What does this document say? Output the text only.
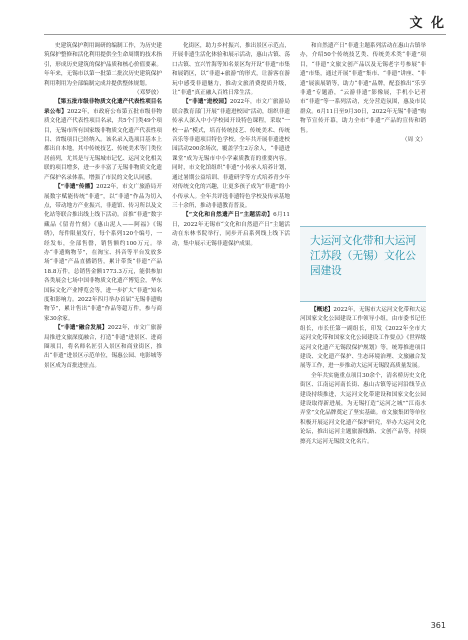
文 化

史建筑保护利用调研的编制工作，为历史建筑保护整修和活化利用提供全生命周期的技术指引，形成历史建筑的保护品质和核心价值要素。年年来，无锡市以第一批第二批次历史建筑保护利用利用为全部编制完成并提供整体规划。

（邓梦放）

【第五批市级非物质文化遗产代表性项目名录公布】2022年，市政府公布第五批市级非物质文化遗产代表性项目名录，共5个门类49个项目，无锡市所有国家级非物质文化遗产代表性项目、省级项目已经纳入。该名录入选项目基本上都出自本地，其中传统技艺、传统美术等门类位居前列，尤其是与无锡城市记忆、运河文化相关联的项目增多，进一步丰富了无锡非物质文化遗产保护名录体系，增强了市民的文化认同感。

【“非遗”传播】2022年，市文广旅游局开展数字赋能传统“非遗”，以“非遗”作品为切入点，带动地方产业振兴，非遗馆、传习所以及文化站等联合推出线上线下活动。首推“非遗”数字藏品《留青竹刻》《惠山泥人——阿福》《锡绣》，每件限量发行，每个系列120个编号，一经发布，全部售罄，销售额约100万元。举办“非遗购物节”，在淘宝、抖音等平台发放多场“非遗”产品直播销售，累计带货“非遗”产品18.8万件，总销售金额1773.3万元，能供参加各类展会七场中国非物质文化遗产博览会，华东国际文化产业博览会等，进一步扩大“非遗”知名度和影响力。2022年四月举办首届“无锡非遗购物节”，累计售出“非遗”作品等超万件，参与商家30余家。

【“非遗”融合发展】2022年，市文广旅游局推进文旅深度融合，打造“非遗”进景区、进商圈项目，将名师名匠引入景区和商业街区，推出“非遗”进景区示范单位，锡惠公园、电影城等景区成为首批进驻点。

化街区，助力乡村振兴，推出景区示范点，开展非遗生活化体验和展示活动，惠山古镇、荡口古镇、宜兴竹海等知名景区均开设“非遗”市集和展销区，以“非遗+旅游”的形式，让游客在游玩中感受非遗魅力，推动文旅消费提质升级，让“非遗”真正融入百姓日常生活。

【“非遗”进校园】2022年，市文广旅游局联合教育部门开展“非遗进校园”活动，组织非遗传承人深入中小学校园开设特色课程，采取“一校一品”模式，培育传统技艺、传统美术、传统音乐等非遗项目特色学校。全年共开展非遗进校园活动200余场次，覆盖学生2万余人，“非遗进课堂”成为无锡市中小学素质教育的重要内容。同时，市文化馆组织“非遗”小传承人培养计划，通过暑期公益培训、非遗研学等方式培养青少年对传统文化的兴趣，让更多孩子成为“非遗”的小小传承人。全年共评选非遗特色学校及传承基地三十余所，推动非遗教育普及。

【“文化和自然遗产日”主题活动】6月11日，2022年无锡市“文化和自然遗产日”主题活动在东林书院举行，同步开启系列线上线下活动，集中展示无锡非遗保护成果。

和自然遗产日”非遗主题系列活动在惠山古镇举办，介绍50个传统技艺类、传统美术类“非遗”项目，“非遗”文旅文创产品以及无锡老字号参展“非遗”市集，通过开展“非遗”集市、“非遗”讲座、“非遗”展演展销等，助力“非遗”品牌，配套推出“乐享非遗”专题游，“云游非遗”影像展，手机小记者市“非遗”等一系列活动，充分营造氛围，惠及市民群众。6月11日至9月30日，2022年无锡“非遗”购物节宣传开幕，助力全市“非遗”产品的宣传和销售。

（周 文）

大运河文化带和大运河江苏段（无锡）文化公园建设

【概述】2022年，无锡市大运河文化带和大运河国家文化公园建设工作领导小组，由市委书记任组长，市长任第一副组长，印发《2022年全市大运河文化带和国家文化公园建设工作要点》《世界级运河文化遗产无锡段保护规划》等，统筹推进项目建设、文化遗产保护、生态环境治理、文旅融合发展等工作，进一步推动大运河无锡段高质量发展。

全年共实施重点项目30余个，清名桥历史文化街区、江南运河南长街、惠山古镇等运河沿线节点建设持续推进，大运河文化带建设和国家文化公园建设取得新进展，为无锡打造“运河之城”“江南水弄堂”文化品牌奠定了坚实基础。市文旅集团等单位积极开展运河文化遗产保护研究，举办大运河文化论坛，推出运河主题旅游线路、文创产品等，持续擦亮大运河无锡段文化名片。

361
